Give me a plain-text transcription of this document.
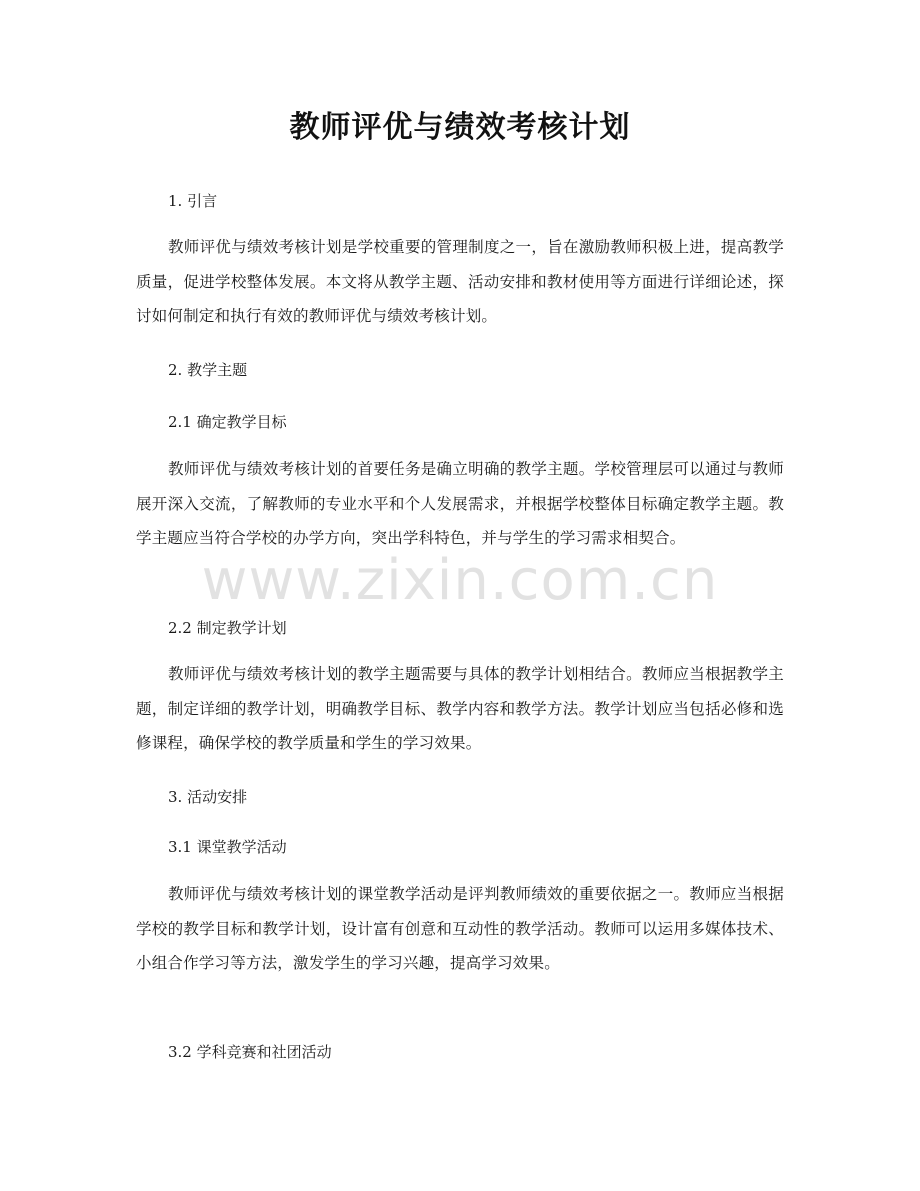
教师评优与绩效考核计划
1. 引言
教师评优与绩效考核计划是学校重要的管理制度之一，旨在激励教师积极上进，提高教学质量，促进学校整体发展。本文将从教学主题、活动安排和教材使用等方面进行详细论述，探讨如何制定和执行有效的教师评优与绩效考核计划。
2. 教学主题
2.1 确定教学目标
教师评优与绩效考核计划的首要任务是确立明确的教学主题。学校管理层可以通过与教师展开深入交流，了解教师的专业水平和个人发展需求，并根据学校整体目标确定教学主题。教学主题应当符合学校的办学方向，突出学科特色，并与学生的学习需求相契合。
2.2 制定教学计划
教师评优与绩效考核计划的教学主题需要与具体的教学计划相结合。教师应当根据教学主题，制定详细的教学计划，明确教学目标、教学内容和教学方法。教学计划应当包括必修和选修课程，确保学校的教学质量和学生的学习效果。
3. 活动安排
3.1 课堂教学活动
教师评优与绩效考核计划的课堂教学活动是评判教师绩效的重要依据之一。教师应当根据学校的教学目标和教学计划，设计富有创意和互动性的教学活动。教师可以运用多媒体技术、小组合作学习等方法，激发学生的学习兴趣，提高学习效果。
3.2 学科竞赛和社团活动
www.zixin.com.cn
